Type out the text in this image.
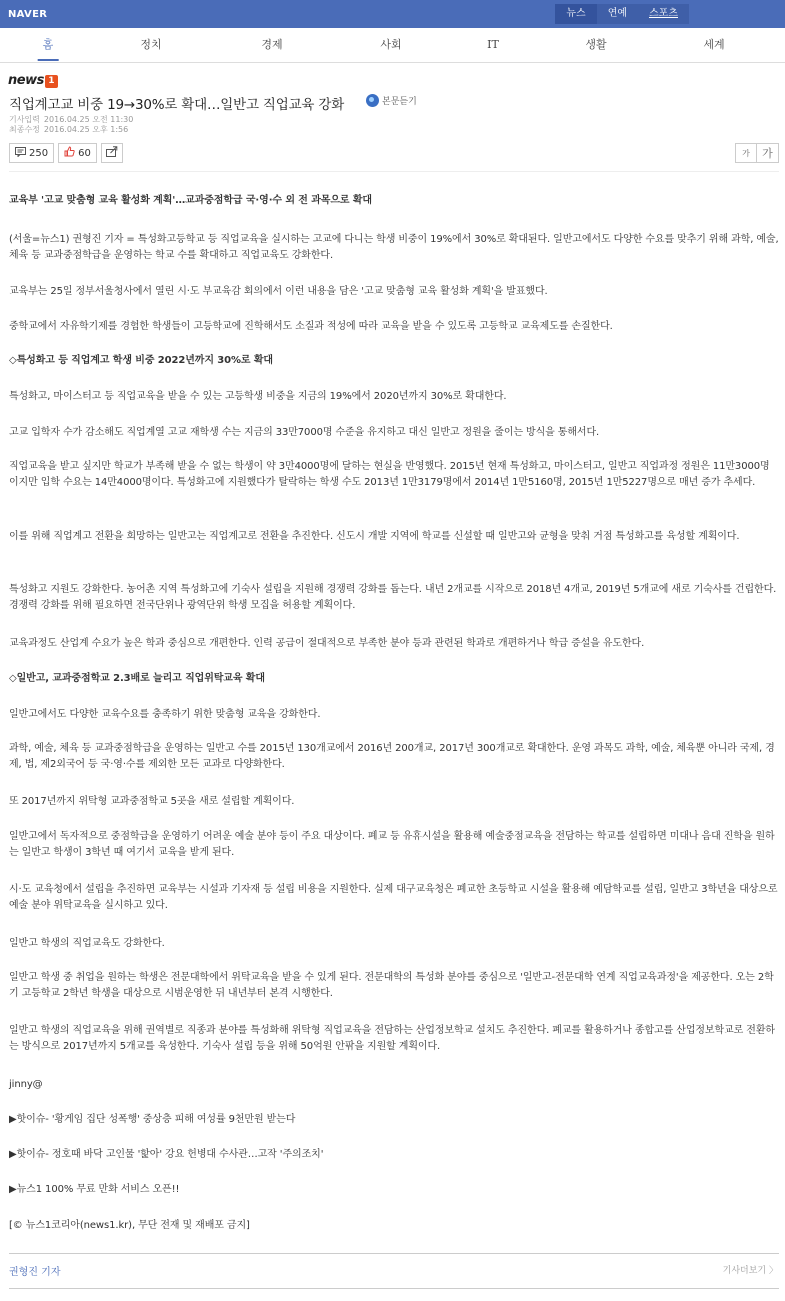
NAVER	뉴스	연예	스포츠
홈	정치	경제	사회	IT	생활	세계
news 1
직업계고교 비중 19→30%로 확대…일반고 직업교육 강화	본문듣기
기사입력 2016.04.25 오전 11:30
최종수정 2016.04.25 오후 1:56
250	60	가	가
교육부 '고교 맞춤형 교육 활성화 계획'…교과중점학급 국·영·수 외 전 과목으로 확대
(서울=뉴스1) 권형진 기자 = 특성화고등학교 등 직업교육을 실시하는 고교에 다니는 학생 비중이 19%에서 30%로 확대된다. 일반고에서도 다양한 수요를 맞추기 위해 과학, 예술, 체육 등 교과중점학급을 운영하는 학교 수를 확대하고 직업교육도 강화한다.
교육부는 25일 정부서울청사에서 열린 시·도 부교육감 회의에서 이런 내용을 담은 '고교 맞춤형 교육 활성화 계획'을 발표했다.
중학교에서 자유학기제를 경험한 학생들이 고등학교에 진학해서도 소질과 적성에 따라 교육을 받을 수 있도록 고등학교 교육제도를 손질한다.
◇특성화고 등 직업계고 학생 비중 2022년까지 30%로 확대
특성화고, 마이스터고 등 직업교육을 받을 수 있는 고등학생 비중을 지금의 19%에서 2020년까지 30%로 확대한다.
고교 입학자 수가 감소해도 직업계열 고교 재학생 수는 지금의 33만7000명 수준을 유지하고 대신 일반고 정원을 줄이는 방식을 통해서다.
직업교육을 받고 싶지만 학교가 부족해 받을 수 없는 학생이 약 3만4000명에 달하는 현실을 반영했다. 2015년 현재 특성화고, 마이스터고, 일반고 직업과정 정원은 11만3000명이지만 입학 수요는 14만4000명이다. 특성화고에 지원했다가 탈락하는 학생 수도 2013년 1만3179명에서 2014년 1만5160명, 2015년 1만5227명으로 매년 증가 추세다.
이를 위해 직업계고 전환을 희망하는 일반고는 직업계고로 전환을 추진한다. 신도시 개발 지역에 학교를 신설할 때 일반고와 균형을 맞춰 거점 특성화고를 육성할 계획이다.
특성화고 지원도 강화한다. 농어촌 지역 특성화고에 기숙사 설립을 지원해 경쟁력 강화를 돕는다. 내년 2개교를 시작으로 2018년 4개교, 2019년 5개교에 새로 기숙사를 건립한다. 경쟁력 강화를 위해 필요하면 전국단위나 광역단위 학생 모집을 허용할 계획이다.
교육과정도 산업계 수요가 높은 학과 중심으로 개편한다. 인력 공급이 절대적으로 부족한 분야 등과 관련된 학과로 개편하거나 학급 증설을 유도한다.
◇일반고, 교과중점학교 2.3배로 늘리고 직업위탁교육 확대
일반고에서도 다양한 교육수요를 충족하기 위한 맞춤형 교육을 강화한다.
과학, 예술, 체육 등 교과중점학급을 운영하는 일반고 수를 2015년 130개교에서 2016년 200개교, 2017년 300개교로 확대한다. 운영 과목도 과학, 예술, 체육뿐 아니라 국제, 경제, 법, 제2외국어 등 국·영·수를 제외한 모든 교과로 다양화한다.
또 2017년까지 위탁형 교과중점학교 5곳을 새로 설립할 계획이다.
일반고에서 독자적으로 중점학급을 운영하기 어려운 예술 분야 등이 주요 대상이다. 폐교 등 유휴시설을 활용해 예술중점교육을 전담하는 학교를 설립하면 미대나 음대 진학을 원하는 일반고 학생이 3학년 때 여기서 교육을 받게 된다.
시·도 교육청에서 설립을 추진하면 교육부는 시설과 기자재 등 설립 비용을 지원한다. 실제 대구교육청은 폐교한 초등학교 시설을 활용해 예담학교를 설립, 일반고 3학년을 대상으로 예술 분야 위탁교육을 실시하고 있다.
일반고 학생의 직업교육도 강화한다.
일반고 학생 중 취업을 원하는 학생은 전문대학에서 위탁교육을 받을 수 있게 된다. 전문대학의 특성화 분야를 중심으로 '일반고-전문대학 연계 직업교육과정'을 제공한다. 오는 2학기 고등학교 2학년 학생을 대상으로 시범운영한 뒤 내년부터 본격 시행한다.
일반고 학생의 직업교육을 위해 권역별로 직종과 분야를 특성화해 위탁형 직업교육을 전담하는 산업정보학교 설치도 추진한다. 폐교를 활용하거나 종합고를 산업정보학교로 전환하는 방식으로 2017년까지 5개교를 육성한다. 기숙사 설립 등을 위해 50억원 안팎을 지원할 계획이다.
jinny@
▶핫이슈- '황게임 집단 성폭행' 중상층 피해 여성률 9천만원 받는다
▶핫이슈- 정호때 바닥 고인물 '핥아' 강요 헌병대 수사관…고작 '주의조치'
▶뉴스1 100% 무료 만화 서비스 오픈!!
[© 뉴스1코리아(news1.kr), 무단 전재 및 재배포 금지]
권형진 기자	기사더보기 〉
